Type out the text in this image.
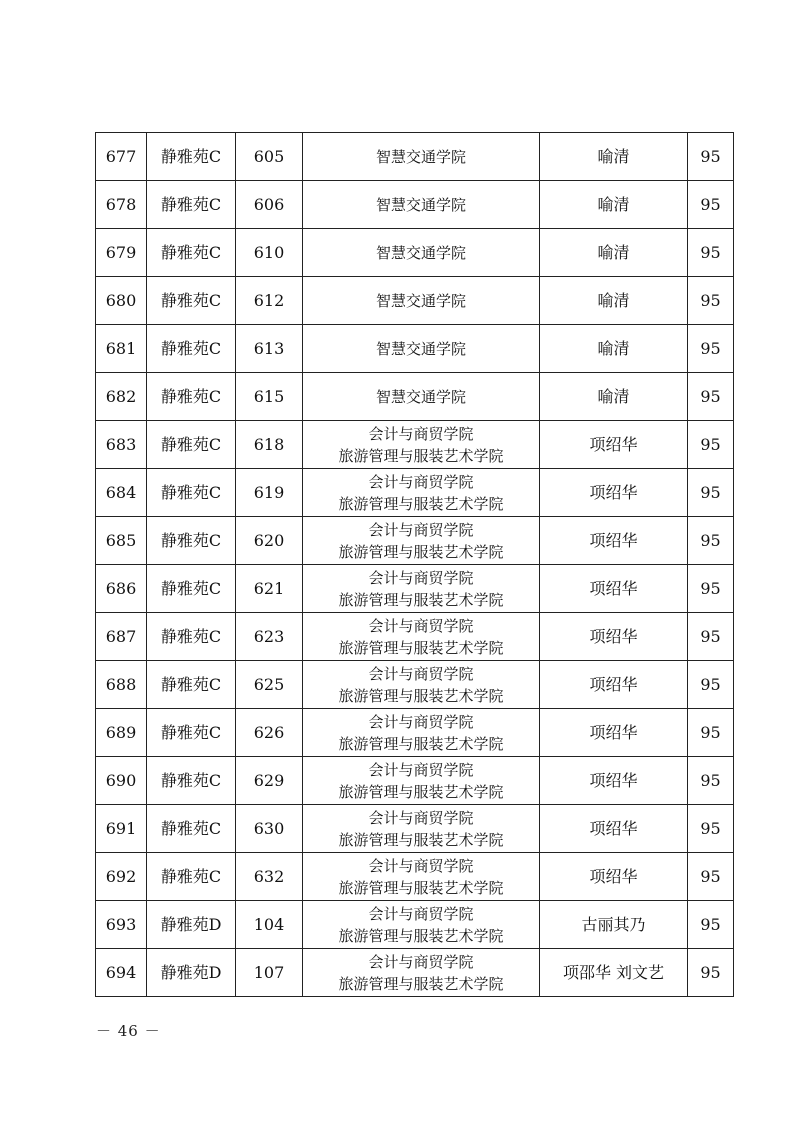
677	静雅苑C	605	智慧交通学院	喻清	95
678	静雅苑C	606	智慧交通学院	喻清	95
679	静雅苑C	610	智慧交通学院	喻清	95
680	静雅苑C	612	智慧交通学院	喻清	95
681	静雅苑C	613	智慧交通学院	喻清	95
682	静雅苑C	615	智慧交通学院	喻清	95
683	静雅苑C	618	会计与商贸学院
旅游管理与服装艺术学院	项绍华	95
684	静雅苑C	619	会计与商贸学院
旅游管理与服装艺术学院	项绍华	95
685	静雅苑C	620	会计与商贸学院
旅游管理与服装艺术学院	项绍华	95
686	静雅苑C	621	会计与商贸学院
旅游管理与服装艺术学院	项绍华	95
687	静雅苑C	623	会计与商贸学院
旅游管理与服装艺术学院	项绍华	95
688	静雅苑C	625	会计与商贸学院
旅游管理与服装艺术学院	项绍华	95
689	静雅苑C	626	会计与商贸学院
旅游管理与服装艺术学院	项绍华	95
690	静雅苑C	629	会计与商贸学院
旅游管理与服装艺术学院	项绍华	95
691	静雅苑C	630	会计与商贸学院
旅游管理与服装艺术学院	项绍华	95
692	静雅苑C	632	会计与商贸学院
旅游管理与服装艺术学院	项绍华	95
693	静雅苑D	104	会计与商贸学院
旅游管理与服装艺术学院	古丽其乃	95
694	静雅苑D	107	会计与商贸学院
旅游管理与服装艺术学院	项邵华 刘文艺	95
－ 46 －
